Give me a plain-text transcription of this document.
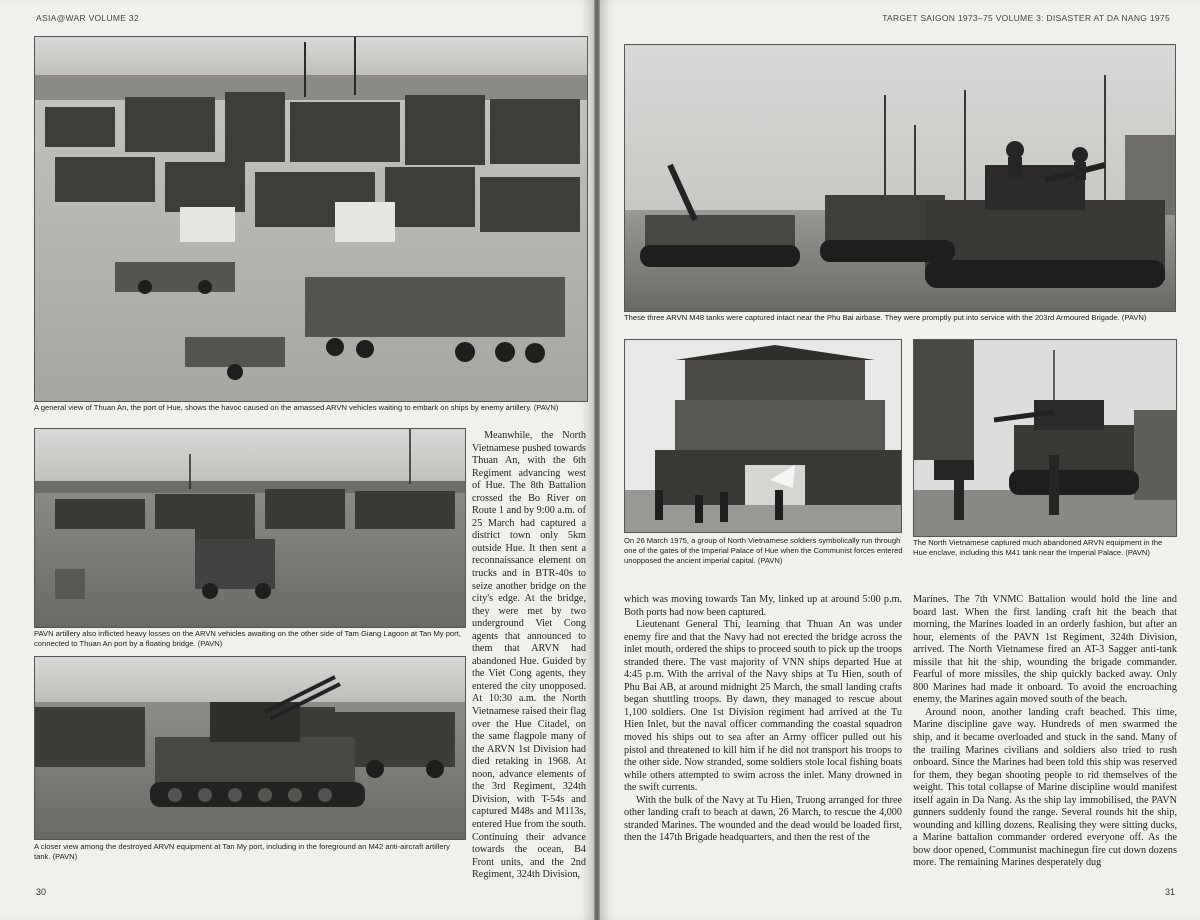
ASIA@WAR VOLUME 32
A general view of Thuan An, the port of Hue, shows the havoc caused on the amassed ARVN vehicles waiting to embark on ships by enemy artillery. (PAVN)
PAVN artillery also inflicted heavy losses on the ARVN vehicles awaiting on the other side of Tam Giang Lagoon at Tan My port, connected to Thuan An port by a floating bridge. (PAVN)
A closer view among the destroyed ARVN equipment at Tan My port, including in the foreground an M42 anti-aircraft artillery tank. (PAVN)

Meanwhile, the North Vietnamese pushed towards Thuan An, with the 6th Regiment advancing west of Hue. The 8th Battalion crossed the Bo River on Route 1 and by 9:00 a.m. of 25 March had captured a district town only 5km outside Hue. It then sent a reconnaissance element on trucks and in BTR-40s to seize another bridge on the city's edge. At the bridge, they were met by two underground Viet Cong agents that announced to them that ARVN had abandoned Hue. Guided by the Viet Cong agents, they entered the city unopposed. At 10:30 a.m. the North Vietnamese raised their flag over the Hue Citadel, on the same flagpole many of the ARVN 1st Division had died retaking in 1968. At noon, advance elements of the 3rd Regiment, 324th Division, with T-54s and captured M48s and M113s, entered Hue from the south. Continuing their advance towards the ocean, B4 Front units, and the 2nd Regiment, 324th Division,

30
TARGET SAIGON 1973–75 VOLUME 3: DISASTER AT DA NANG 1975
These three ARVN M48 tanks were captured intact near the Phu Bai airbase. They were promptly put into service with the 203rd Armoured Brigade. (PAVN)
On 26 March 1975, a group of North Vietnamese soldiers symbolically run through one of the gates of the Imperial Palace of Hue when the Communist forces entered unopposed the ancient imperial capital. (PAVN)
The North Vietnamese captured much abandoned ARVN equipment in the Hue enclave, including this M41 tank near the Imperial Palace. (PAVN)

which was moving towards Tan My, linked up at around 5:00 p.m. Both ports had now been captured.

Lieutenant General Thi, learning that Thuan An was under enemy fire and that the Navy had not erected the bridge across the inlet mouth, ordered the ships to proceed south to pick up the troops stranded there. The vast majority of VNN ships departed Hue at 4:45 p.m. With the arrival of the Navy ships at Tu Hien, south of Phu Bai AB, at around midnight 25 March, the small landing crafts began shuttling troops. By dawn, they managed to rescue about 1,100 soldiers. One 1st Division regiment had arrived at the Tu Hien Inlet, but the naval officer commanding the coastal squadron moved his ships out to sea after an Army officer pulled out his pistol and threatened to kill him if he did not transport his troops to the other side. Now stranded, some soldiers stole local fishing boats while others attempted to swim across the inlet. Many drowned in the swift currents.

With the bulk of the Navy at Tu Hien, Truong arranged for three other landing craft to beach at dawn, 26 March, to rescue the 4,000 stranded Marines. The wounded and the dead would be loaded first, then the 147th Brigade headquarters, and then the rest of the

Marines. The 7th VNMC Battalion would hold the line and board last. When the first landing craft hit the beach that morning, the Marines loaded in an orderly fashion, but after an hour, elements of the PAVN 1st Regiment, 324th Division, arrived. The North Vietnamese fired an AT-3 Sagger anti-tank missile that hit the ship, wounding the brigade commander. Fearful of more missiles, the ship quickly backed away. Only 800 Marines had made it onboard. To avoid the encroaching enemy, the Marines again moved south of the beach.

Around noon, another landing craft beached. This time, Marine discipline gave way. Hundreds of men swarmed the ship, and it became overloaded and stuck in the sand. Many of the trailing Marines civilians and soldiers also tried to rush onboard. Since the Marines had been told this ship was reserved for them, they began shooting people to rid themselves of the weight. This total collapse of Marine discipline would manifest itself again in Da Nang. As the ship lay immobilised, the PAVN gunners suddenly found the range. Several rounds hit the ship, wounding and killing dozens. Realising they were sitting ducks, a Marine battalion commander ordered everyone off. As the bow door opened, Communist machinegun fire cut down dozens more. The remaining Marines desperately dug

31
